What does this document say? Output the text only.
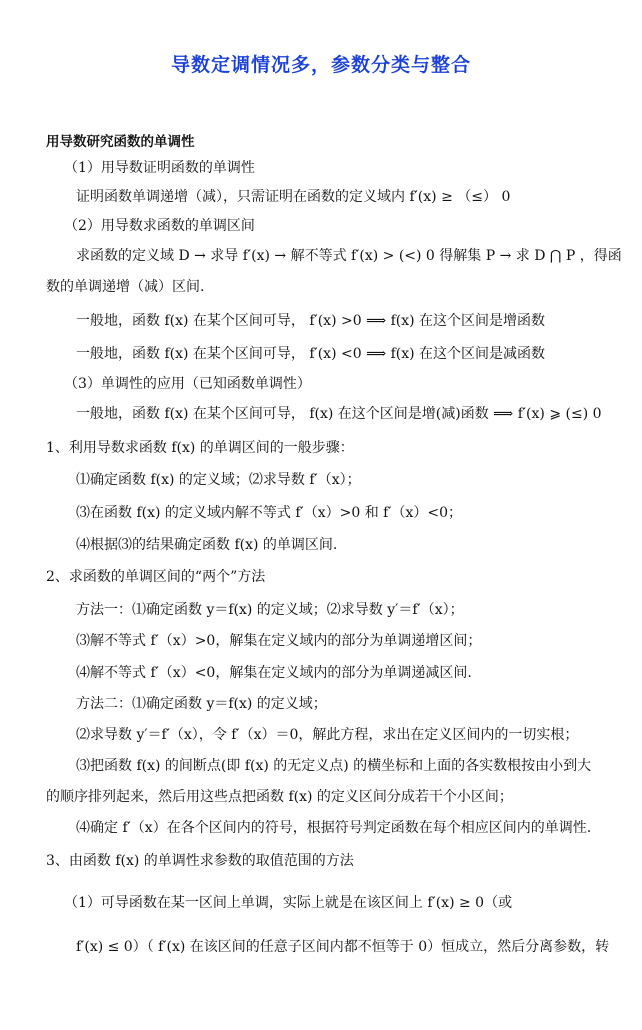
导数定调情况多，参数分类与整合
用导数研究函数的单调性
（1）用导数证明函数的单调性
证明函数单调递增（减），只需证明在函数的定义域内 f′(x) ≥ （≤） 0
（2）用导数求函数的单调区间
求函数的定义域 D → 求导 f′(x) → 解不等式 f′(x) > (<) 0 得解集 P → 求 D ⋂ P ，得函
数的单调递增（减）区间.
一般地，函数 f(x) 在某个区间可导， f′(x) >0 ⟹ f(x) 在这个区间是增函数
一般地，函数 f(x) 在某个区间可导， f′(x) <0 ⟹ f(x) 在这个区间是减函数
（3）单调性的应用（已知函数单调性）
一般地，函数 f(x) 在某个区间可导， f(x) 在这个区间是增(减)函数 ⟹ f′(x) ⩾ (≤) 0
1、利用导数求函数 f(x) 的单调区间的一般步骤：
⑴确定函数 f(x) 的定义域；⑵求导数 f′（x）；
⑶在函数 f(x) 的定义域内解不等式 f′（x）>0 和 f′（x）<0；
⑷根据⑶的结果确定函数 f(x) 的单调区间.
2、求函数的单调区间的“两个”方法
方法一：⑴确定函数 y＝f(x) 的定义域；⑵求导数 y′＝f′（x）；
⑶解不等式 f′（x）>0，解集在定义域内的部分为单调递增区间；
⑷解不等式 f′（x）<0，解集在定义域内的部分为单调递减区间.
方法二：⑴确定函数 y＝f(x) 的定义域；
⑵求导数 y′＝f′（x），令 f′（x）＝0，解此方程，求出在定义区间内的一切实根；
⑶把函数 f(x) 的间断点(即 f(x) 的无定义点) 的横坐标和上面的各实数根按由小到大
的顺序排列起来，然后用这些点把函数 f(x) 的定义区间分成若干个小区间；
⑷确定 f′（x）在各个区间内的符号，根据符号判定函数在每个相应区间内的单调性.
3、由函数 f(x) 的单调性求参数的取值范围的方法
（1）可导函数在某一区间上单调，实际上就是在该区间上 f′(x) ≥ 0（或
f′(x) ≤ 0）（ f′(x) 在该区间的任意子区间内都不恒等于 0）恒成立，然后分离参数，转
